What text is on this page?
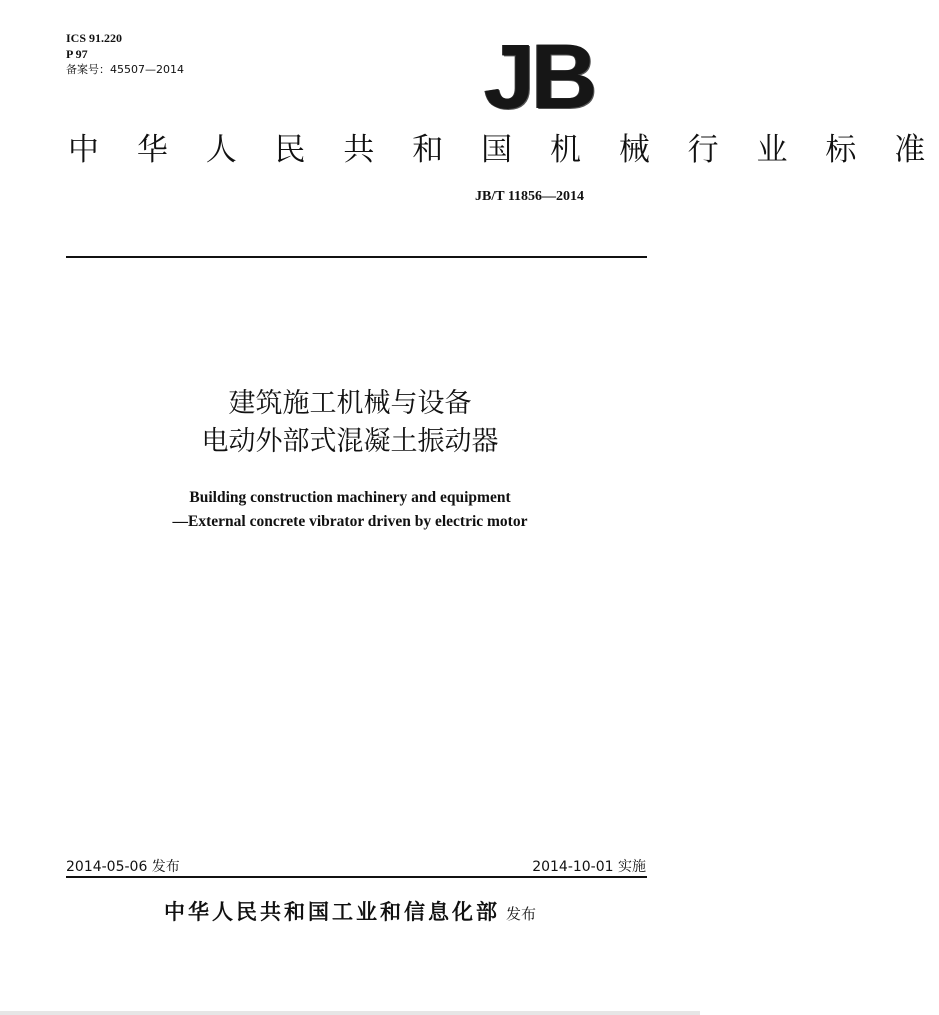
ICS 91.220
P 97
备案号：45507—2014	JB
中 华 人 民 共 和 国 机 械 行 业 标 准
JB/T 11856—2014
建筑施工机械与设备
电动外部式混凝土振动器
Building construction machinery and equipment
—External concrete vibrator driven by electric motor
2014-05-06 发布	2014-10-01 实施
中华人民共和国工业和信息化部 发布
